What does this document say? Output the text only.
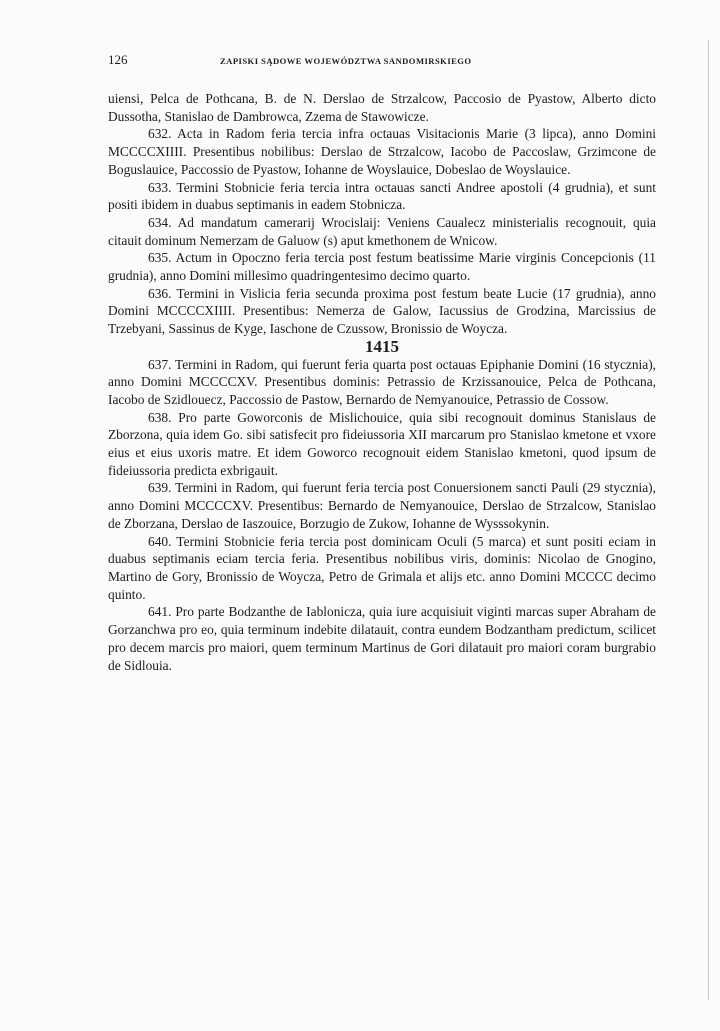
126	ZAPISKI SĄDOWE WOJEWÓDZTWA SANDOMIRSKIEGO

uiensi, Pelca de Pothcana, B. de N. Derslao de Strzalcow, Paccosio de Pyastow, Alberto dicto Dussotha, Stanislao de Dambrowca, Zzema de Stawowicze.

632. Acta in Radom feria tercia infra octauas Visitacionis Marie (3 lipca), anno Domini MCCCCXIIII. Presentibus nobilibus: Derslao de Strzalcow, Iacobo de Paccoslaw, Grzimcone de Boguslauice, Paccossio de Pyastow, Iohanne de Woyslauice, Dobeslao de Woyslauice.

633. Termini Stobnicie feria tercia intra octauas sancti Andree apostoli (4 grudnia), et sunt positi ibidem in duabus septimanis in eadem Stobnicza.

634. Ad mandatum camerarij Wrocislaij: Veniens Caualecz ministerialis recognouit, quia citauit dominum Nemerzam de Galuow (s) aput kmethonem de Wnicow.

635. Actum in Opoczno feria tercia post festum beatissime Marie virginis Concepcionis (11 grudnia), anno Domini millesimo quadringentesimo decimo quarto.

636. Termini in Vislicia feria secunda proxima post festum beate Lucie (17 grudnia), anno Domini MCCCCXIIII. Presentibus: Nemerza de Galow, Iacussius de Grodzina, Marcissius de Trzebyani, Sassinus de Kyge, Iaschone de Czussow, Bronissio de Woycza.

1415

637. Termini in Radom, qui fuerunt feria quarta post octauas Epiphanie Domini (16 stycznia), anno Domini MCCCCXV. Presentibus dominis: Petrassio de Krzissanouice, Pelca de Pothcana, Iacobo de Szidlouecz, Paccossio de Pastow, Bernardo de Nemyanouice, Petrassio de Cossow.

638. Pro parte Goworconis de Mislichouice, quia sibi recognouit dominus Stanislaus de Zborzona, quia idem Go. sibi satisfecit pro fideiussoria XII marcarum pro Stanislao kmetone et vxore eius et eius uxoris matre. Et idem Goworco recognouit eidem Stanislao kmetoni, quod ipsum de fideiussoria predicta exbrigauit.

639. Termini in Radom, qui fuerunt feria tercia post Conuersionem sancti Pauli (29 stycznia), anno Domini MCCCCXV. Presentibus: Bernardo de Nemyanouice, Derslao de Strzalcow, Stanislao de Zborzana, Derslao de Iaszouice, Borzugio de Zukow, Iohanne de Wysssokynin.

640. Termini Stobnicie feria tercia post dominicam Oculi (5 marca) et sunt positi eciam in duabus septimanis eciam tercia feria. Presentibus nobilibus viris, dominis: Nicolao de Gnogino, Martino de Gory, Bronissio de Woycza, Petro de Grimala et alijs etc. anno Domini MCCCC decimo quinto.

641. Pro parte Bodzanthe de Iablonicza, quia iure acquisiuit viginti marcas super Abraham de Gorzanchwa pro eo, quia terminum indebite dilatauit, contra eundem Bodzantham predictum, scilicet pro decem marcis pro maiori, quem terminum Martinus de Gori dilatauit pro maiori coram burgrabio de Sidlouia.
